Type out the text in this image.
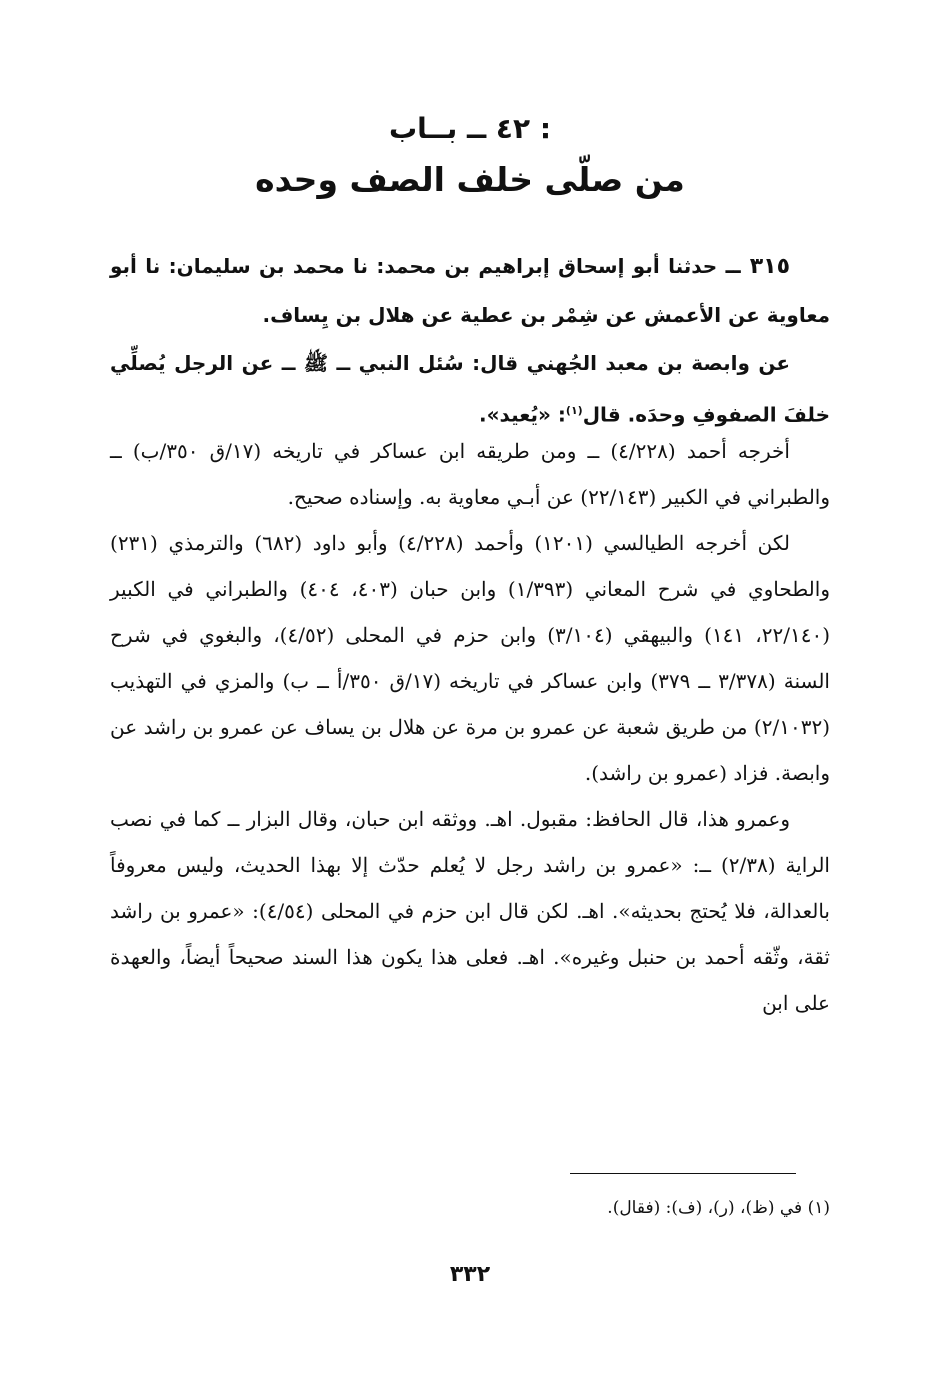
٤٢ ــ بــاب :
من صلّى خلف الصف وحده

٣١٥ ــ حدثنا أبو إسحاق إبراهيم بن محمد: نا محمد بن سليمان: نا أبو معاوية عن الأعمش عن شِمْر بن عطية عن هلال بن يِساف.

عن وابصة بن معبد الجُهني قال: سُئل النبي ــ ﷺ ــ عن الرجل يُصلِّي خلفَ الصفوفِ وحدَه. قال$^{(١)}$: «يُعيد».

أخرجه أحمد (٤/٢٢٨) ــ ومن طريقه ابن عساكر في تاريخه (١٧/ق ٣٥٠/ب) ــ والطبراني في الكبير (٢٢/١٤٣) عن أبـي معاوية به. وإسناده صحيح.

لكن أخرجه الطيالسي (١٢٠١) وأحمد (٤/٢٢٨) وأبو داود (٦٨٢) والترمذي (٢٣١) والطحاوي في شرح المعاني (١/٣٩٣) وابن حبان (٤٠٣، ٤٠٤) والطبراني في الكبير (٢٢/١٤٠، ١٤١) والبيهقي (٣/١٠٤) وابن حزم في المحلى (٤/٥٢)، والبغوي في شرح السنة (٣/٣٧٨ ــ ٣٧٩) وابن عساكر في تاريخه (١٧/ق ٣٥٠/أ ــ ب) والمزي في التهذيب (٢/١٠٣٢) من طريق شعبة عن عمرو بن مرة عن هلال بن يساف عن عمرو بن راشد عن وابصة. فزاد (عمرو بن راشد).

وعمرو هذا، قال الحافظ: مقبول. اهـ. ووثقه ابن حبان، وقال البزار ــ كما في نصب الراية (٢/٣٨) ــ: «عمرو بن راشد رجل لا يُعلم حدّث إلا بهذا الحديث، وليس معروفاً بالعدالة، فلا يُحتج بحديثه». اهـ. لكن قال ابن حزم في المحلى (٤/٥٤): «عمرو بن راشد ثقة، وثّقه أحمد بن حنبل وغيره». اهـ. فعلى هذا يكون هذا السند صحيحاً أيضاً، والعهدة على ابن

(١) في (ظ)، (ر)، (ف): (فقال).
٣٣٢
